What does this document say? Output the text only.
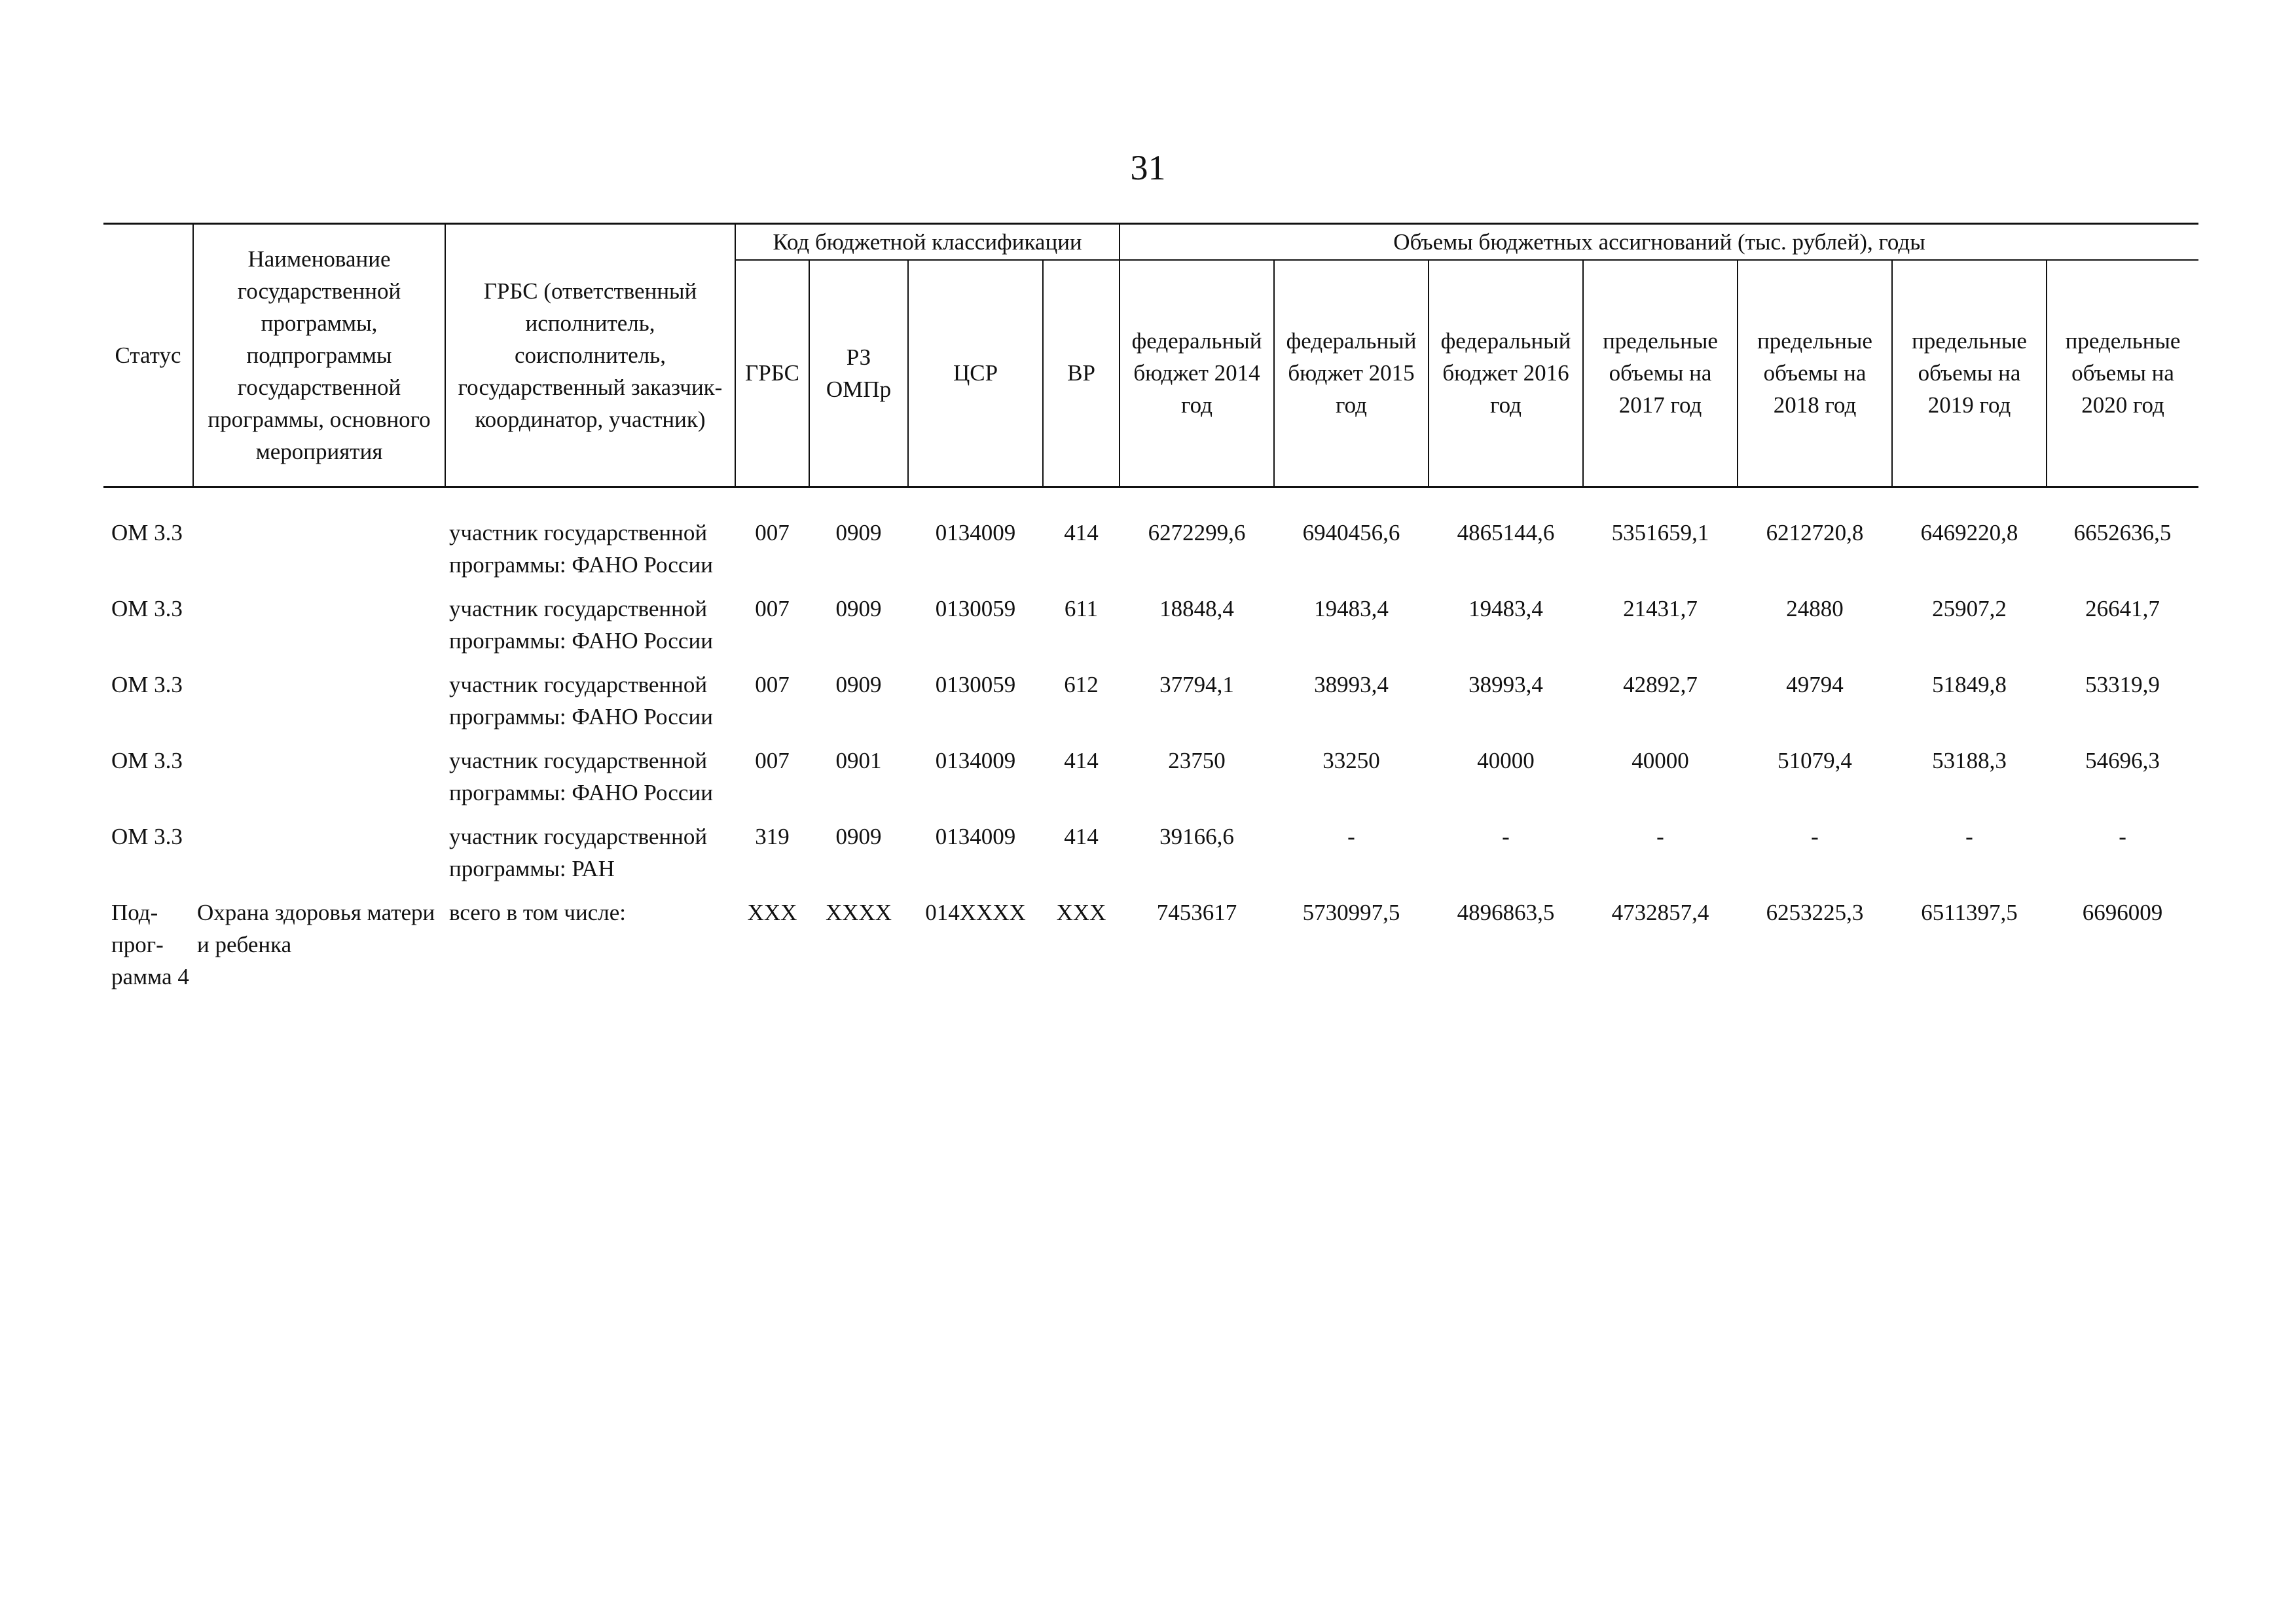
31
Статус	Наименование государственной программы, подпрограммы государственной программы, основного мероприятия	ГРБС (ответственный исполнитель, соисполнитель, государственный заказчик-координатор, участник)	Код бюджетной классификации				Объемы бюджетных ассигнований (тыс. рублей), годы						
			ГРБС	РЗ ОМПр	ЦСР	ВР	федеральный бюджет 2014 год	федеральный бюджет 2015 год	федеральный бюджет 2016 год	предельные объемы на 2017 год	предельные объемы на 2018 год	предельные объемы на 2019 год	предельные объемы на 2020 год

ОМ 3.3		участник государственной программы: ФАНО России	007	0909	0134009	414	6272299,6	6940456,6	4865144,6	5351659,1	6212720,8	6469220,8	6652636,5
ОМ 3.3		участник государственной программы: ФАНО России	007	0909	0130059	611	18848,4	19483,4	19483,4	21431,7	24880	25907,2	26641,7
ОМ 3.3		участник государственной программы: ФАНО России	007	0909	0130059	612	37794,1	38993,4	38993,4	42892,7	49794	51849,8	53319,9
ОМ 3.3		участник государственной программы: ФАНО России	007	0901	0134009	414	23750	33250	40000	40000	51079,4	53188,3	54696,3
ОМ 3.3		участник государственной программы: РАН	319	0909	0134009	414	39166,6	-	-	-	-	-	-
Под-прог-рамма 4	Охрана здоровья матери и ребенка	всего в том числе:	XXX	XXXX	014XXXX	XXX	7453617	5730997,5	4896863,5	4732857,4	6253225,3	6511397,5	6696009
